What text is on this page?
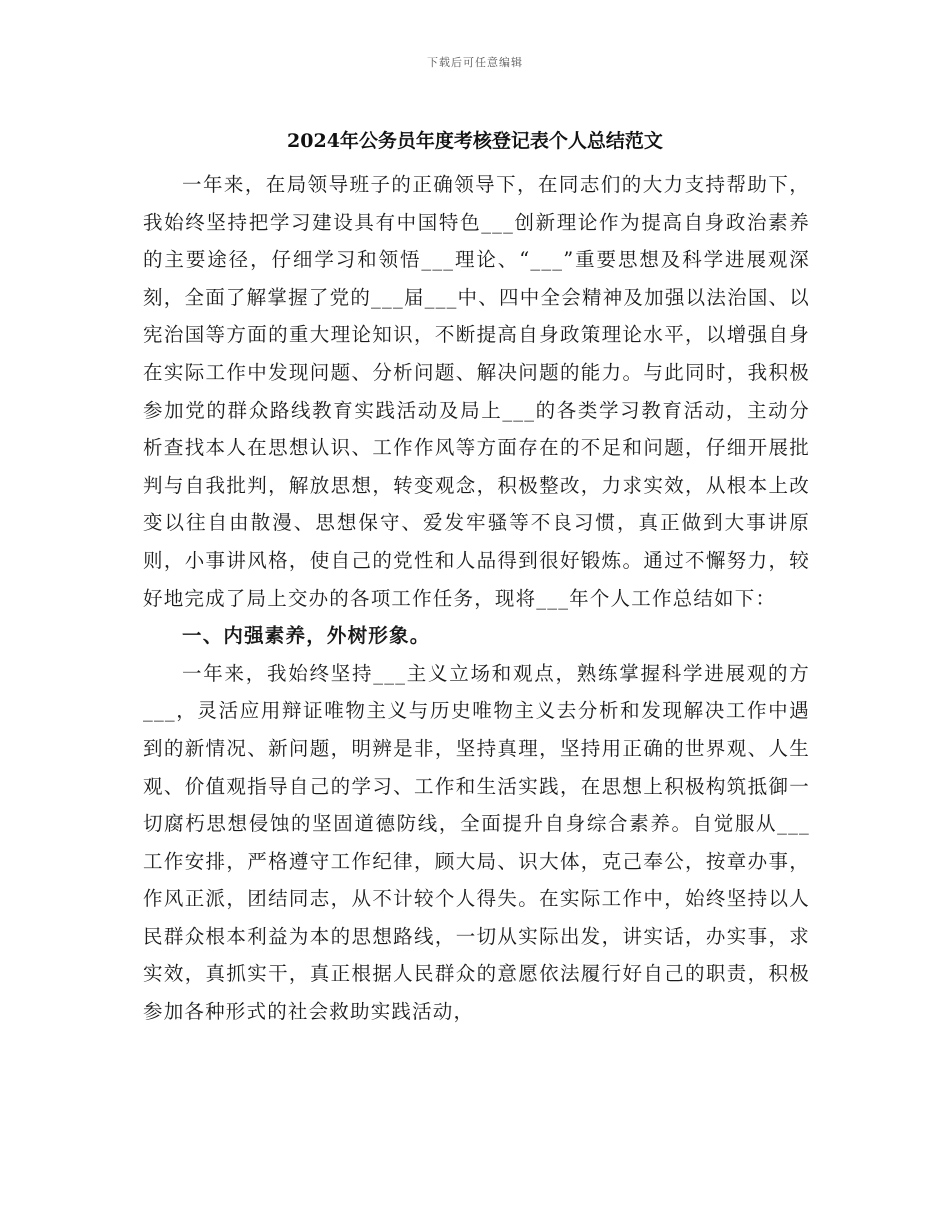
下载后可任意编辑
2024年公务员年度考核登记表个人总结范文

一年来，在局领导班子的正确领导下，在同志们的大力支持帮助下，我始终坚持把学习建设具有中国特色___创新理论作为提高自身政治素养的主要途径，仔细学习和领悟___理论、“___”重要思想及科学进展观深刻，全面了解掌握了党的___届___中、四中全会精神及加强以法治国、以宪治国等方面的重大理论知识，不断提高自身政策理论水平，以增强自身在实际工作中发现问题、分析问题、解决问题的能力。与此同时，我积极参加党的群众路线教育实践活动及局上___的各类学习教育活动，主动分析查找本人在思想认识、工作作风等方面存在的不足和问题，仔细开展批判与自我批判，解放思想，转变观念，积极整改，力求实效，从根本上改变以往自由散漫、思想保守、爱发牢骚等不良习惯，真正做到大事讲原则，小事讲风格，使自己的党性和人品得到很好锻炼。通过不懈努力，较好地完成了局上交办的各项工作任务，现将___年个人工作总结如下：

一、内强素养，外树形象。

一年来，我始终坚持___主义立场和观点，熟练掌握科学进展观的方___，灵活应用辩证唯物主义与历史唯物主义去分析和发现解决工作中遇到的新情况、新问题，明辨是非，坚持真理，坚持用正确的世界观、人生观、价值观指导自己的学习、工作和生活实践，在思想上积极构筑抵御一切腐朽思想侵蚀的坚固道德防线，全面提升自身综合素养。自觉服从___工作安排，严格遵守工作纪律，顾大局、识大体，克己奉公，按章办事，作风正派，团结同志，从不计较个人得失。在实际工作中，始终坚持以人民群众根本利益为本的思想路线，一切从实际出发，讲实话，办实事，求实效，真抓实干，真正根据人民群众的意愿依法履行好自己的职责，积极参加各种形式的社会救助实践活动，
